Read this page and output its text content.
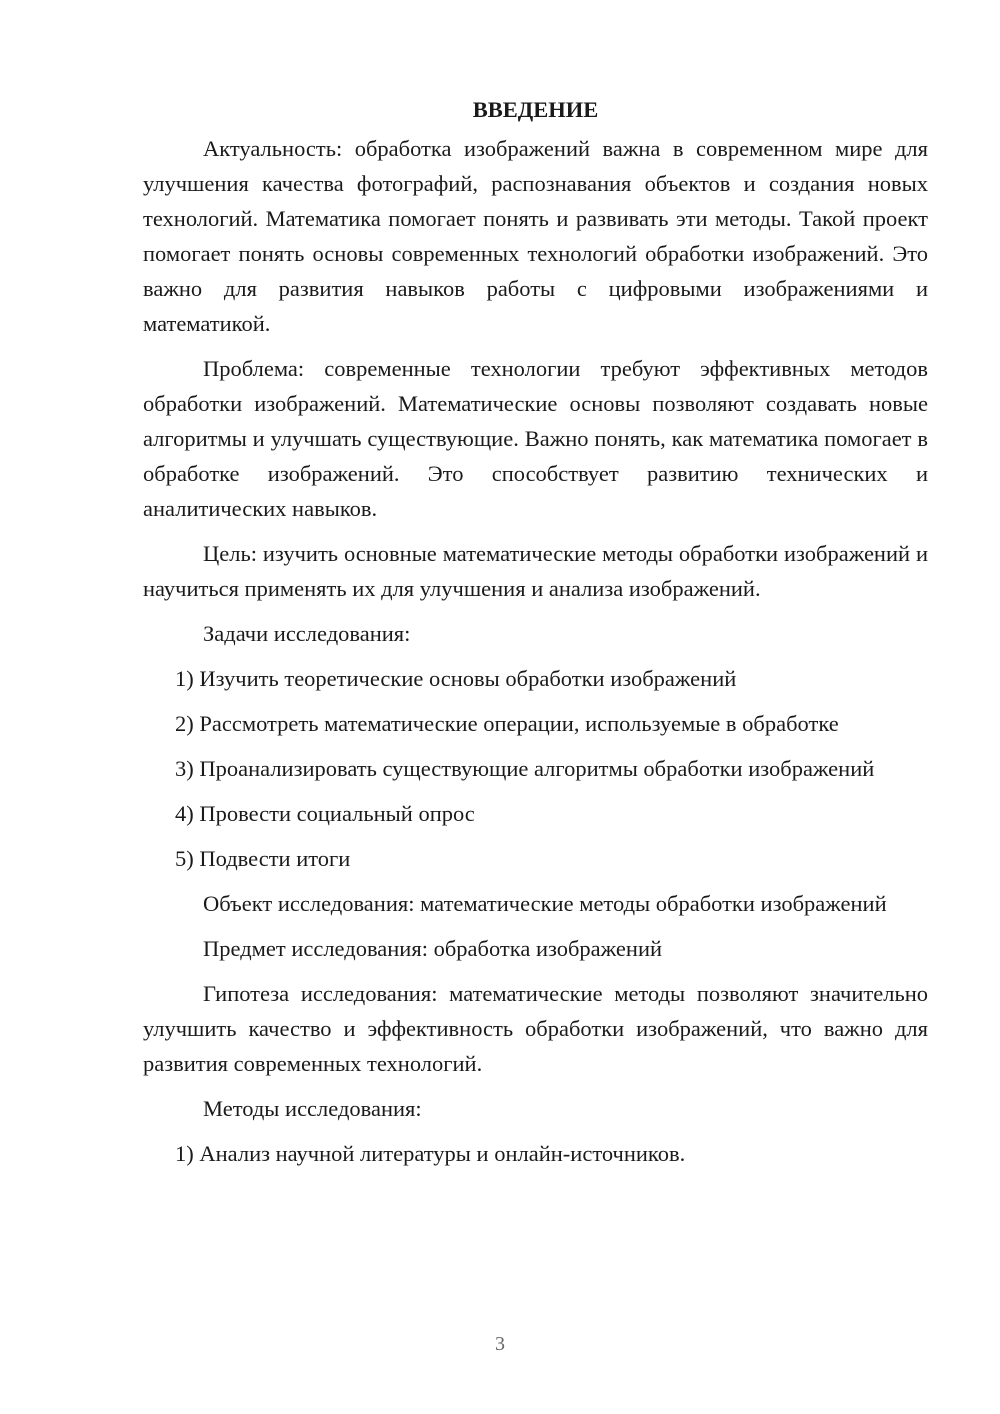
ВВЕДЕНИЕ

Актуальность: обработка изображений важна в современном мире для улучшения качества фотографий, распознавания объектов и создания новых технологий. Математика помогает понять и развивать эти методы. Такой проект помогает понять основы современных технологий обработки изображений. Это важно для развития навыков работы с цифровыми изображениями и математикой.

Проблема: современные технологии требуют эффективных методов обработки изображений. Математические основы позволяют создавать новые алгоритмы и улучшать существующие. Важно понять, как математика помогает в обработке изображений. Это способствует развитию технических и аналитических навыков.

Цель: изучить основные математические методы обработки изображений и научиться применять их для улучшения и анализа изображений.

Задачи исследования:

1) Изучить теоретические основы обработки изображений

2) Рассмотреть математические операции, используемые в обработке

3) Проанализировать существующие алгоритмы обработки изображений

4) Провести социальный опрос

5) Подвести итоги

Объект исследования: математические методы обработки изображений

Предмет исследования: обработка изображений

Гипотеза исследования: математические методы позволяют значительно улучшить качество и эффективность обработки изображений, что важно для развития современных технологий.

Методы исследования:

1) Анализ научной литературы и онлайн-источников.

3
